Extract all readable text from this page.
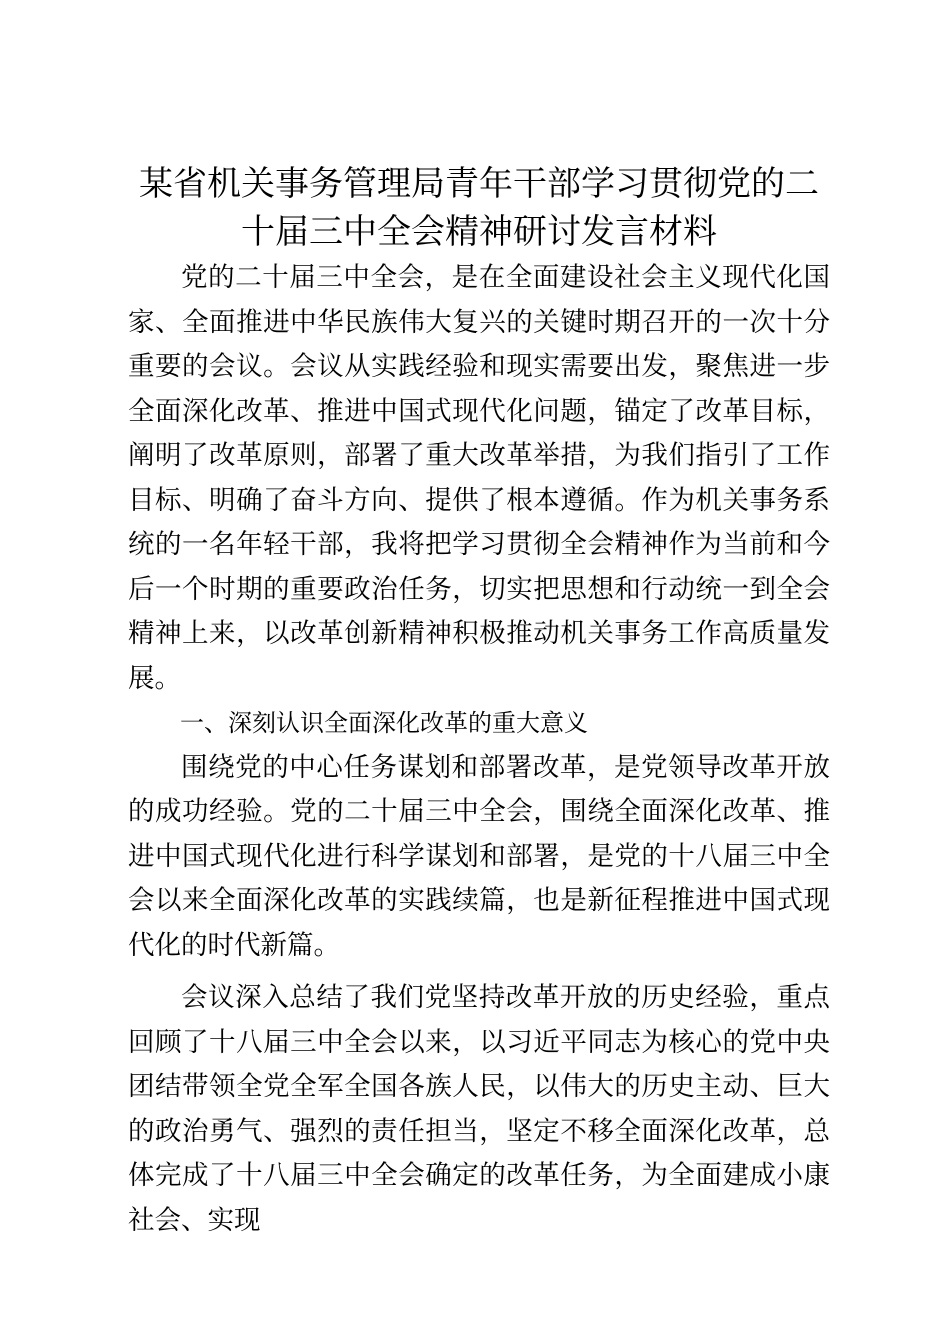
某省机关事务管理局青年干部学习贯彻党的二十届三中全会精神研讨发言材料

党的二十届三中全会，是在全面建设社会主义现代化国家、全面推进中华民族伟大复兴的关键时期召开的一次十分重要的会议。会议从实践经验和现实需要出发，聚焦进一步全面深化改革、推进中国式现代化问题，锚定了改革目标，阐明了改革原则，部署了重大改革举措，为我们指引了工作目标、明确了奋斗方向、提供了根本遵循。作为机关事务系统的一名年轻干部，我将把学习贯彻全会精神作为当前和今后一个时期的重要政治任务，切实把思想和行动统一到全会精神上来，以改革创新精神积极推动机关事务工作高质量发展。

一、深刻认识全面深化改革的重大意义

围绕党的中心任务谋划和部署改革，是党领导改革开放的成功经验。党的二十届三中全会，围绕全面深化改革、推进中国式现代化进行科学谋划和部署，是党的十八届三中全会以来全面深化改革的实践续篇，也是新征程推进中国式现代化的时代新篇。

会议深入总结了我们党坚持改革开放的历史经验，重点回顾了十八届三中全会以来，以习近平同志为核心的党中央团结带领全党全军全国各族人民，以伟大的历史主动、巨大的政治勇气、强烈的责任担当，坚定不移全面深化改革，总体完成了十八届三中全会确定的改革任务，为全面建成小康社会、实现
